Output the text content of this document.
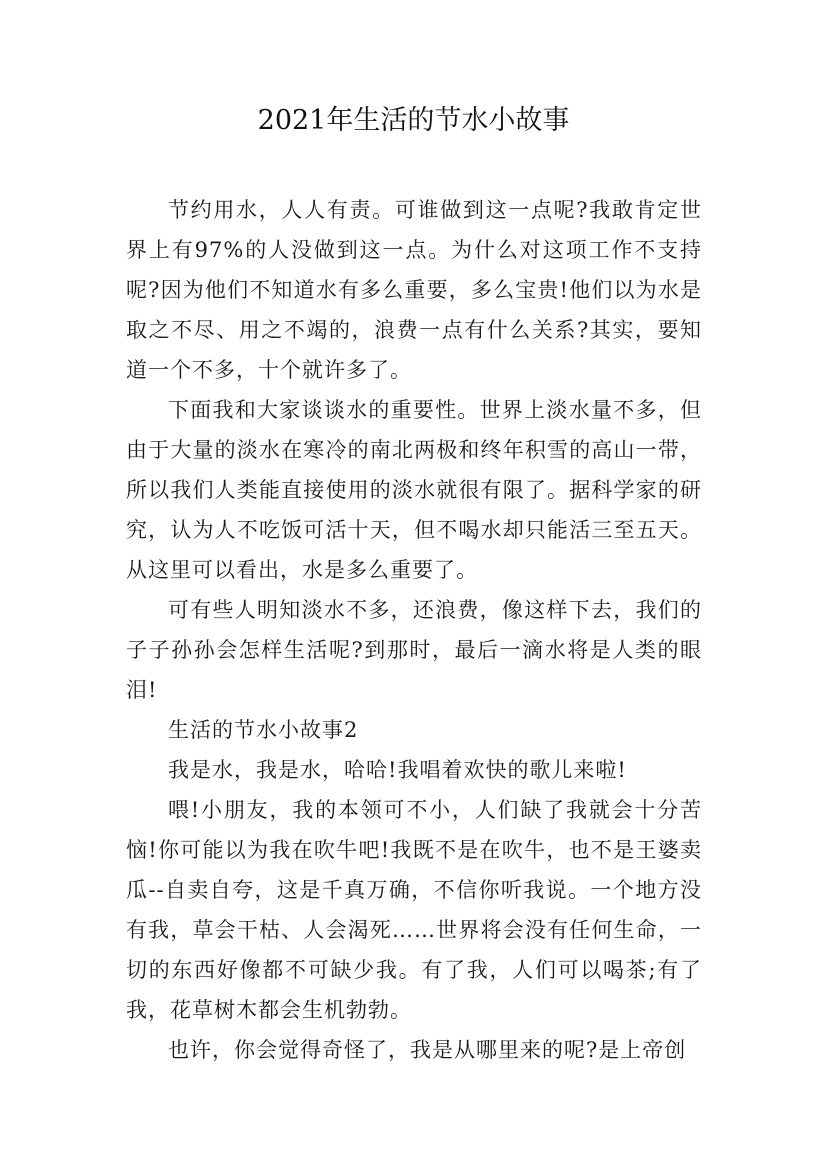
2021年生活的节水小故事

节约用水，人人有责。可谁做到这一点呢?我敢肯定世界上有97%的人没做到这一点。为什么对这项工作不支持呢?因为他们不知道水有多么重要，多么宝贵!他们以为水是取之不尽、用之不竭的，浪费一点有什么关系?其实，要知道一个不多，十个就许多了。

下面我和大家谈谈水的重要性。世界上淡水量不多，但由于大量的淡水在寒冷的南北两极和终年积雪的高山一带，所以我们人类能直接使用的淡水就很有限了。据科学家的研究，认为人不吃饭可活十天，但不喝水却只能活三至五天。从这里可以看出，水是多么重要了。

可有些人明知淡水不多，还浪费，像这样下去，我们的子子孙孙会怎样生活呢?到那时，最后一滴水将是人类的眼泪!

生活的节水小故事2

我是水，我是水，哈哈!我唱着欢快的歌儿来啦!

喂!小朋友，我的本领可不小，人们缺了我就会十分苦恼!你可能以为我在吹牛吧!我既不是在吹牛，也不是王婆卖瓜--自卖自夸，这是千真万确，不信你听我说。一个地方没有我，草会干枯、人会渴死……世界将会没有任何生命，一切的东西好像都不可缺少我。有了我，人们可以喝茶;有了我，花草树木都会生机勃勃。

也许，你会觉得奇怪了，我是从哪里来的呢?是上帝创
